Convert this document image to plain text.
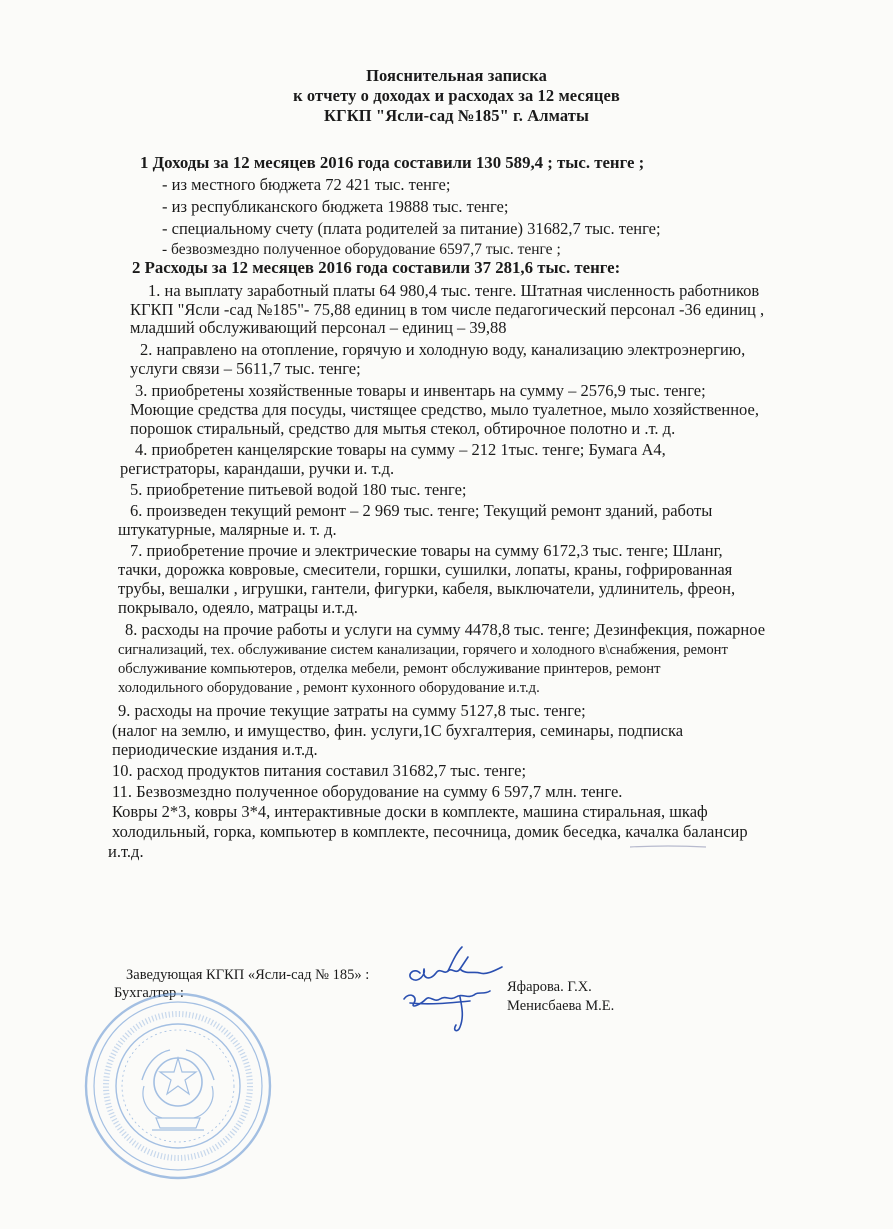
Пояснительная записка
к отчету о доходах и расходах за 12 месяцев
КГКП "Ясли-сад №185" г. Алматы
1 Доходы за 12 месяцев 2016 года составили 130 589,4 ; тыс. тенге ;
- из местного бюджета 72 421 тыс. тенге;
- из республиканского бюджета 19888 тыс. тенге;
- специальному счету (плата родителей за питание) 31682,7 тыс. тенге;
- безвозмездно полученное оборудование 6597,7 тыс. тенге ;
2 Расходы за 12 месяцев 2016 года составили 37 281,6 тыс. тенге:
1. на выплату заработный платы 64 980,4 тыс. тенге. Штатная численность работников
КГКП "Ясли -сад №185"- 75,88 единиц в том числе педагогический персонал -36 единиц ,
младший обслуживающий персонал – единиц – 39,88
2. направлено на отопление, горячую и холодную воду, канализацию электроэнергию,
услуги связи – 5611,7 тыс. тенге;
3. приобретены хозяйственные товары и инвентарь на сумму – 2576,9 тыс. тенге;
Моющие средства для посуды, чистящее средство, мыло туалетное, мыло хозяйственное,
порошок стиральный, средство для мытья стекол, обтирочное полотно и .т. д.
4. приобретен канцелярские товары на сумму – 212 1тыс. тенге; Бумага А4,
регистраторы, карандаши, ручки и. т.д.
5. приобретение питьевой водой 180 тыс. тенге;
6. произведен текущий ремонт – 2 969 тыс. тенге; Текущий ремонт зданий, работы
штукатурные, малярные и. т. д.
7. приобретение прочие и электрические товары на сумму 6172,3 тыс. тенге; Шланг,
тачки, дорожка ковровые, смесители, горшки, сушилки, лопаты, краны, гофрированная
трубы, вешалки , игрушки, гантели, фигурки, кабеля, выключатели, удлинитель, фреон,
покрывало, одеяло, матрацы и.т.д.
8. расходы на прочие работы и услуги на сумму 4478,8 тыс. тенге; Дезинфекция, пожарное
сигнализаций, тех. обслуживание систем канализации, горячего и холодного в\снабжения, ремонт
обслуживание компьютеров, отделка мебели, ремонт обслуживание принтеров, ремонт
холодильного оборудование , ремонт кухонного оборудование и.т.д.
9. расходы на прочие текущие затраты на сумму 5127,8 тыс. тенге;
(налог на землю, и имущество, фин. услуги,1С бухгалтерия, семинары, подписка
периодические издания и.т.д.
10. расход продуктов питания составил 31682,7 тыс. тенге;
11. Безвозмездно полученное оборудование на сумму 6 597,7 млн. тенге.
Ковры 2*3, ковры 3*4, интерактивные доски в комплекте, машина стиральная, шкаф
холодильный, горка, компьютер в комплекте, песочница, домик беседка, качалка балансир
и.т.д.
Заведующая КГКП «Ясли-сад № 185» :
Бухгалтер :	Яфарова. Г.Х.
Менисбаева М.Е.
